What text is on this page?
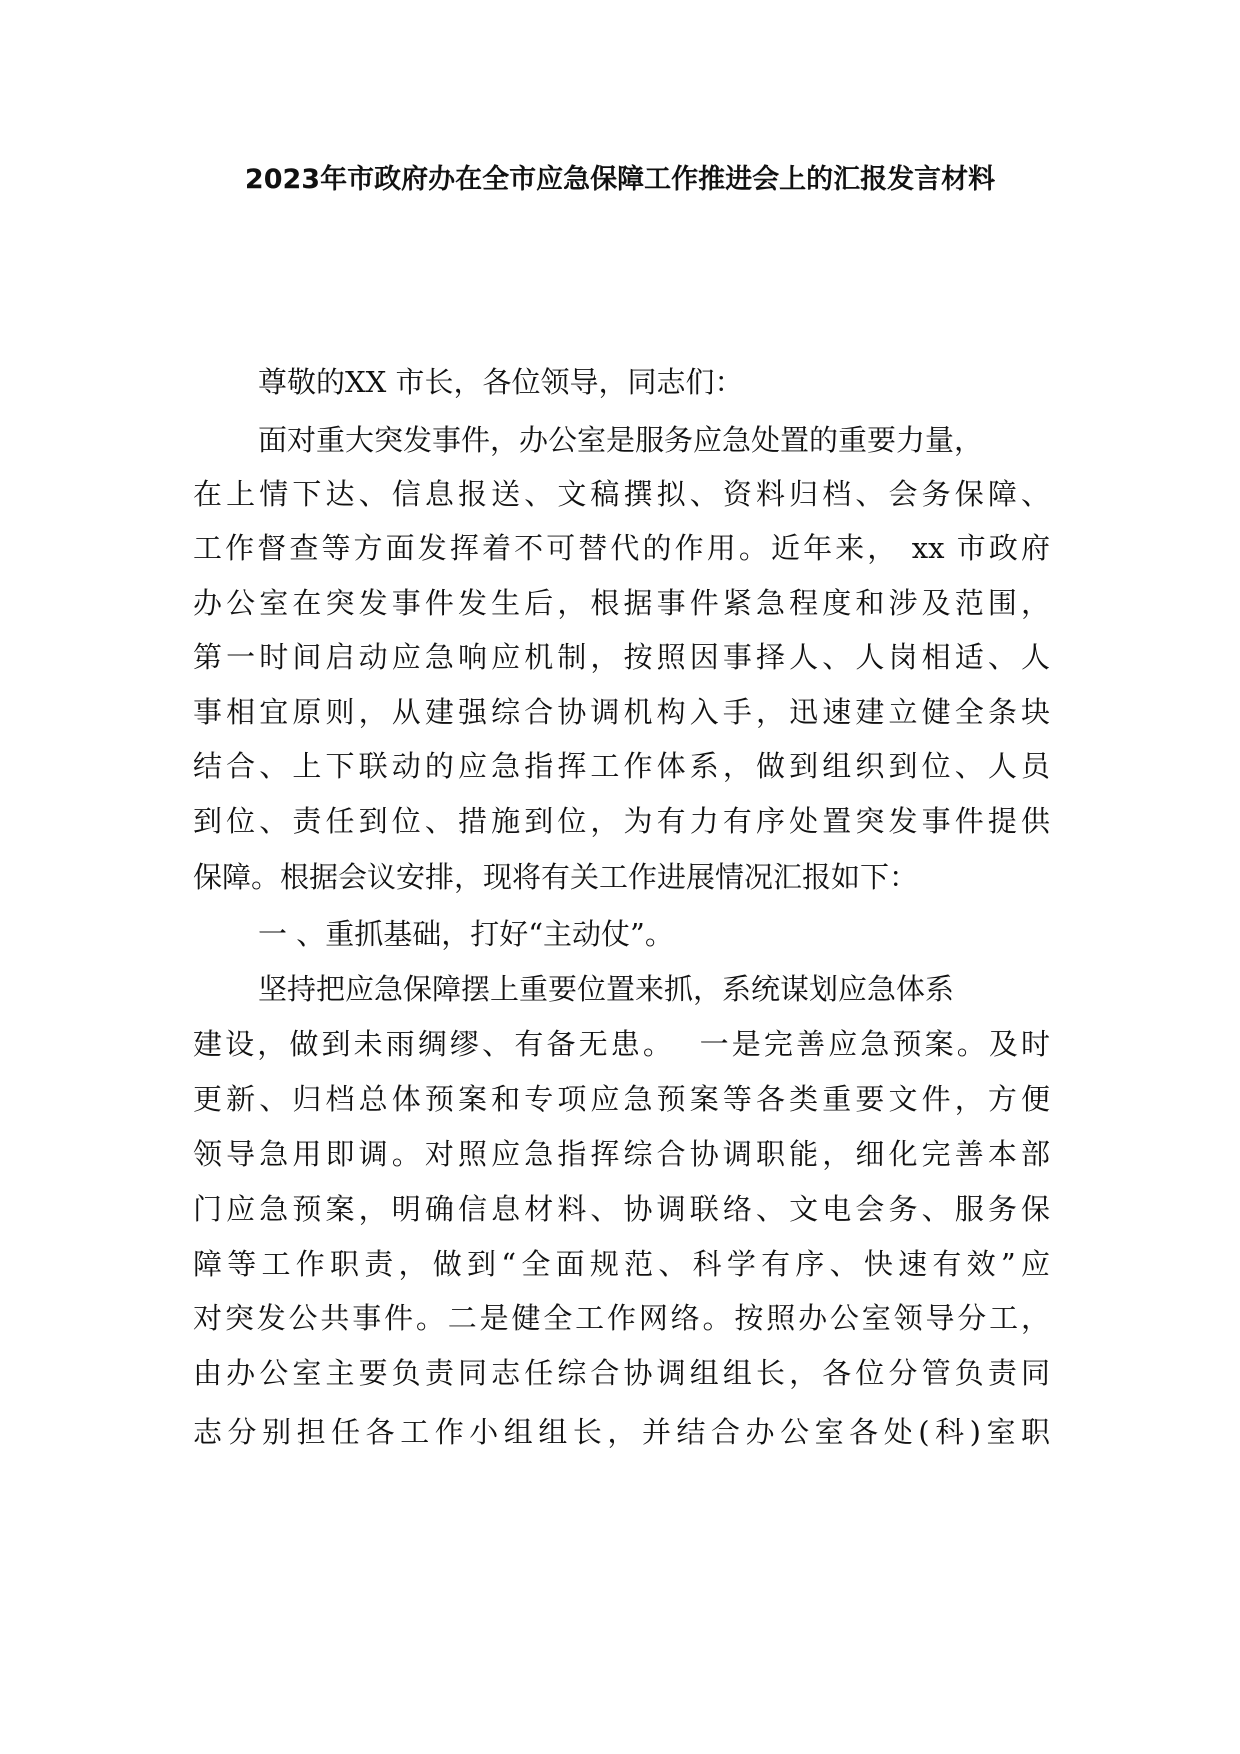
2023年市政府办在全市应急保障工作推进会上的汇报发言材料

尊敬的XX 市长，各位领导，同志们：

面对重大突发事件，办公室是服务应急处置的重要力量，

在上情下达、信息报送、文稿撰拟、资料归档、会务保障、

工作督查等方面发挥着不可替代的作用。近年来， xx 市政府

办公室在突发事件发生后，根据事件紧急程度和涉及范围，

第一时间启动应急响应机制，按照因事择人、人岗相适、人

事相宜原则，从建强综合协调机构入手，迅速建立健全条块

结合、上下联动的应急指挥工作体系，做到组织到位、人员

到位、责任到位、措施到位，为有力有序处置突发事件提供

保障。根据会议安排，现将有关工作进展情况汇报如下：

一 、重抓基础，打好“主动仗”。

坚持把应急保障摆上重要位置来抓，系统谋划应急体系

建设，做到未雨绸缪、有备无患。  一是完善应急预案。及时

更新、归档总体预案和专项应急预案等各类重要文件，方便

领导急用即调。对照应急指挥综合协调职能，细化完善本部

门应急预案，明确信息材料、协调联络、文电会务、服务保

障等工作职责，做到“全面规范、科学有序、快速有效”应

对突发公共事件。二是健全工作网络。按照办公室领导分工，

由办公室主要负责同志任综合协调组组长，各位分管负责同

志分别担任各工作小组组长，并结合办公室各处(科)室职
